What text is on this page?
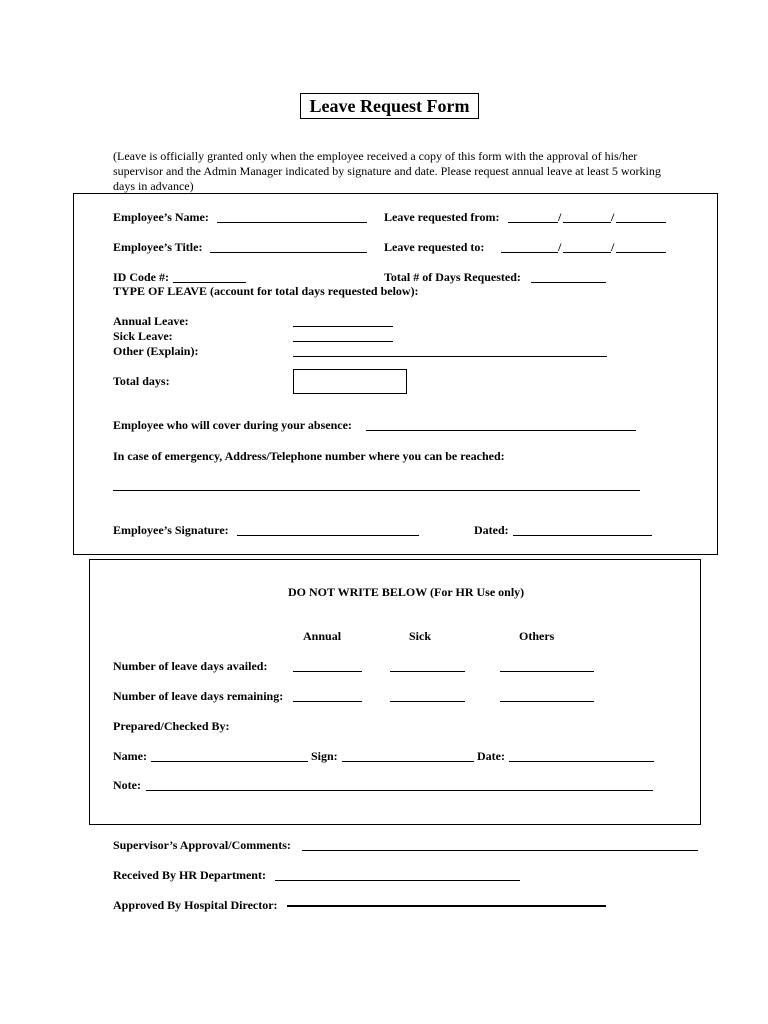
Leave Request Form
(Leave is officially granted only when the employee received a copy of this form with the approval of his/her
supervisor and the Admin Manager indicated by signature and date. Please request annual leave at least 5 working
days in advance)
Employee’s Name:	Leave requested from:	/	/
Employee’s Title:	Leave requested to:	/	/
ID Code #:	Total # of Days Requested:
TYPE OF LEAVE (account for total days requested below):
Annual Leave:
Sick Leave:
Other (Explain):
Total days:
Employee who will cover during your absence:
In case of emergency, Address/Telephone number where you can be reached:
Employee’s Signature:	Dated:
DO NOT WRITE BELOW (For HR Use only)
Annual	Sick	Others
Number of leave days availed:
Number of leave days remaining:
Prepared/Checked By:
Name:	Sign:	Date:
Note:
Supervisor’s Approval/Comments:
Received By HR Department:
Approved By Hospital Director:
